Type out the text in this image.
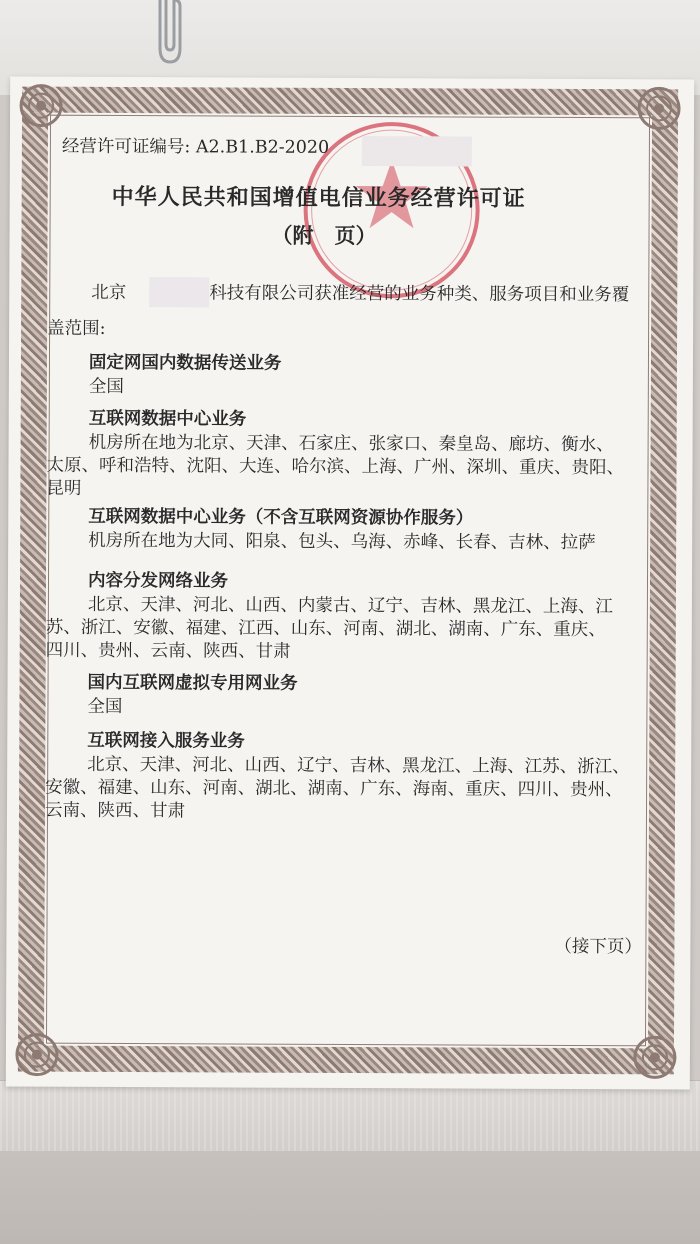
经营许可证编号: A2.B1.B2-2020
中华人民共和国增值电信业务经营许可证
（附　页）
北京	科技有限公司获准经营的业务种类、服务项目和业务覆
盖范围:
固定网国内数据传送业务
全国
互联网数据中心业务
机房所在地为北京、天津、石家庄、张家口、秦皇岛、廊坊、衡水、
太原、呼和浩特、沈阳、大连、哈尔滨、上海、广州、深圳、重庆、贵阳、
昆明
互联网数据中心业务（不含互联网资源协作服务）
机房所在地为大同、阳泉、包头、乌海、赤峰、长春、吉林、拉萨
内容分发网络业务
北京、天津、河北、山西、内蒙古、辽宁、吉林、黑龙江、上海、江
苏、浙江、安徽、福建、江西、山东、河南、湖北、湖南、广东、重庆、
四川、贵州、云南、陕西、甘肃
国内互联网虚拟专用网业务
全国
互联网接入服务业务
北京、天津、河北、山西、辽宁、吉林、黑龙江、上海、江苏、浙江、
安徽、福建、山东、河南、湖北、湖南、广东、海南、重庆、四川、贵州、
云南、陕西、甘肃
（接下页）
